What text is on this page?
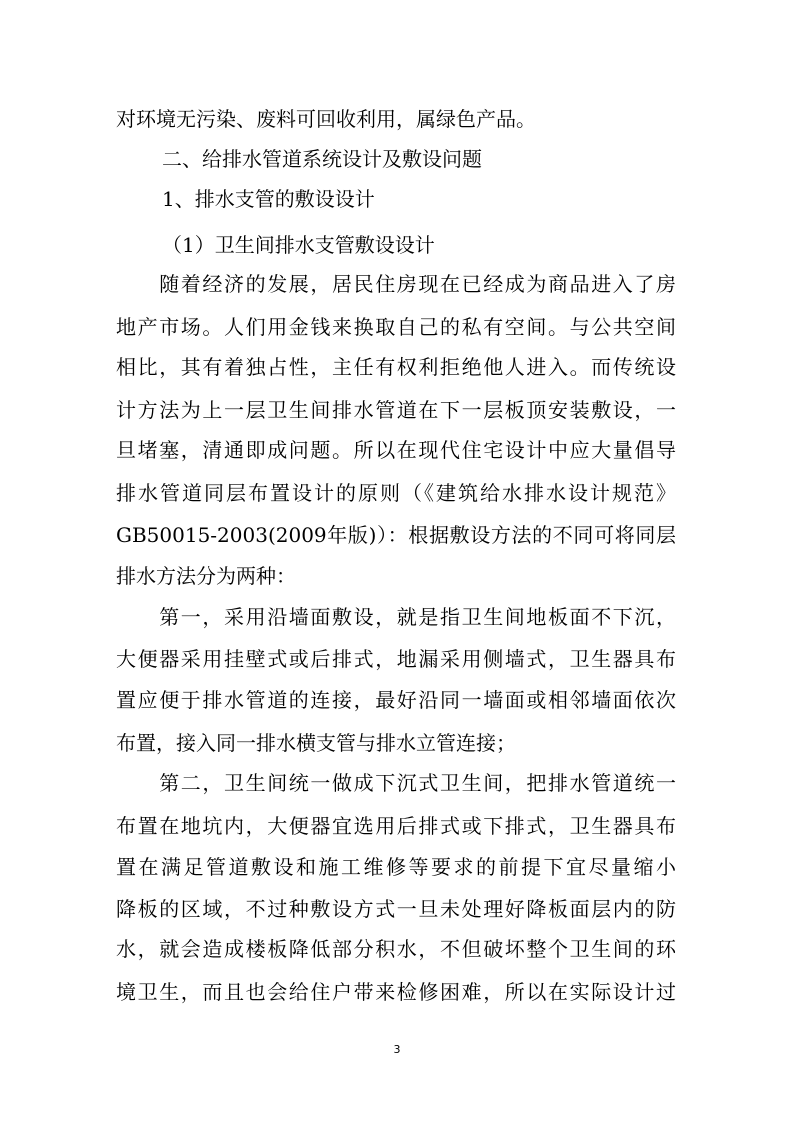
对环境无污染、废料可回收利用，属绿色产品。
二、给排水管道系统设计及敷设问题
1、排水支管的敷设设计
（1）卫生间排水支管敷设设计
　　随着经济的发展，居民住房现在已经成为商品进入了房
地产市场。人们用金钱来换取自己的私有空间。与公共空间
相比，其有着独占性，主任有权利拒绝他人进入。而传统设
计方法为上一层卫生间排水管道在下一层板顶安装敷设，一
旦堵塞，清通即成问题。所以在现代住宅设计中应大量倡导
排水管道同层布置设计的原则（《建筑给水排水设计规范》
GB50015-2003(2009年版)）：根据敷设方法的不同可将同层
排水方法分为两种：
　　第一，采用沿墙面敷设，就是指卫生间地板面不下沉，
大便器采用挂壁式或后排式，地漏采用侧墙式，卫生器具布
置应便于排水管道的连接，最好沿同一墙面或相邻墙面依次
布置，接入同一排水横支管与排水立管连接；
　　第二，卫生间统一做成下沉式卫生间，把排水管道统一
布置在地坑内，大便器宜选用后排式或下排式，卫生器具布
置在满足管道敷设和施工维修等要求的前提下宜尽量缩小
降板的区域，不过种敷设方式一旦未处理好降板面层内的防
水，就会造成楼板降低部分积水，不但破坏整个卫生间的环
境卫生，而且也会给住户带来检修困难，所以在实际设计过
3
